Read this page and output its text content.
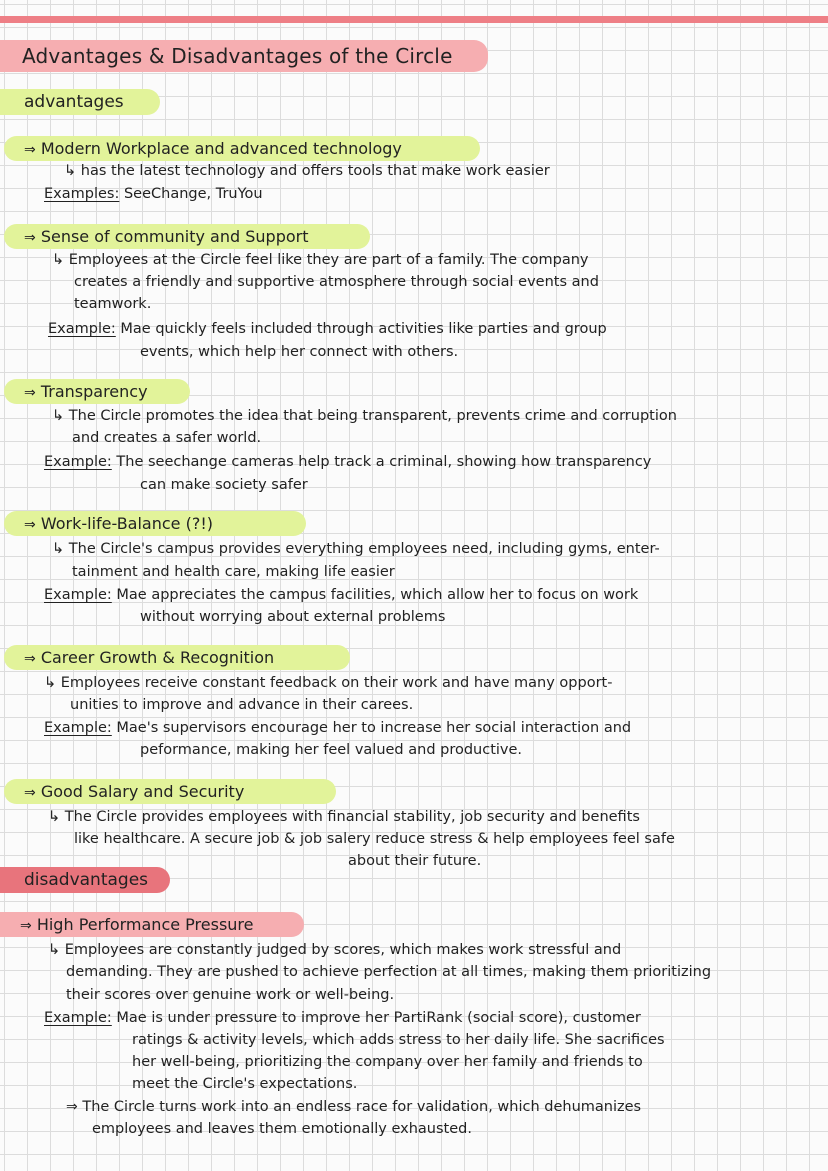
Advantages & Disadvantages of the Circle
advantages
⇒ Modern Workplace and advanced technology
↳ has the latest technology and offers tools that make work easier
Examples: SeeChange, TruYou
⇒ Sense of community and Support
↳ Employees at the Circle feel like they are part of a family. The company
creates a friendly and supportive atmosphere through social events and
teamwork.
Example: Mae quickly feels included through activities like parties and group
events, which help her connect with others.
⇒ Transparency
↳ The Circle promotes the idea that being transparent, prevents crime and corruption
and creates a safer world.
Example: The seechange cameras help track a criminal, showing how transparency
can make society safer
⇒ Work-life-Balance (?!)
↳ The Circle's campus provides everything employees need, including gyms, enter-
tainment and health care, making life easier
Example: Mae appreciates the campus facilities, which allow her to focus on work
without worrying about external problems
⇒ Career Growth & Recognition
↳ Employees receive constant feedback on their work and have many opport-
unities to improve and advance in their carees.
Example: Mae's supervisors encourage her to increase her social interaction and
peformance, making her feel valued and productive.
⇒ Good Salary and Security
↳ The Circle provides employees with financial stability, job security and benefits
like healthcare. A secure job & job salery reduce stress & help employees feel safe
about their future.
disadvantages
⇒ High Performance Pressure
↳ Employees are constantly judged by scores, which makes work stressful and
demanding. They are pushed to achieve perfection at all times, making them prioritizing
their scores over genuine work or well-being.
Example: Mae is under pressure to improve her PartiRank (social score), customer
ratings & activity levels, which adds stress to her daily life. She sacrifices
her well-being, prioritizing the company over her family and friends to
meet the Circle's expectations.
⇒ The Circle turns work into an endless race for validation, which dehumanizes
employees and leaves them emotionally exhausted.
